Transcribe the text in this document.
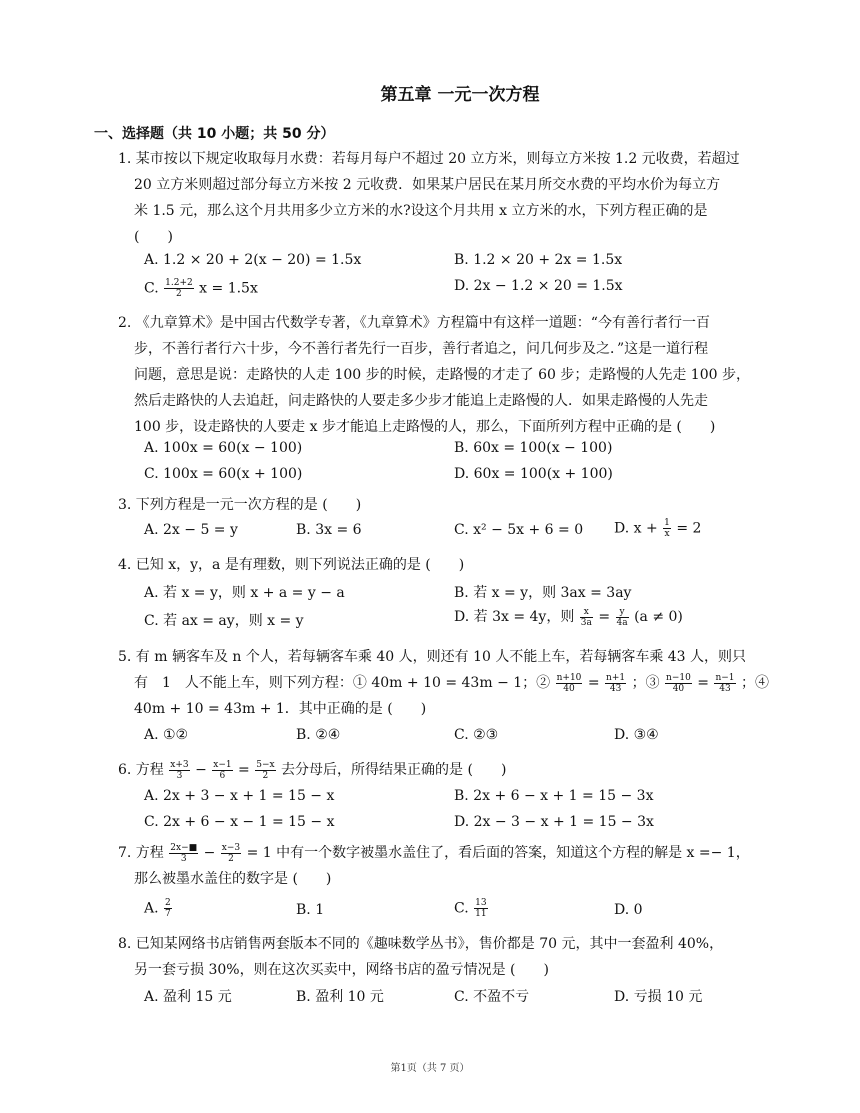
第五章 一元一次方程
一、选择题（共 10 小题；共 50 分）
1. 某市按以下规定收取每月水费：若每月每户不超过 20 立方米，则每立方米按 1.2 元收费，若超过
20 立方米则超过部分每立方米按 2 元收费．如果某户居民在某月所交水费的平均水价为每立方
米 1.5 元，那么这个月共用多少立方米的水?设这个月共用 x 立方米的水，下列方程正确的是
(　　)
A. 1.2 × 20 + 2(x − 20) = 1.5x	B. 1.2 × 20 + 2x = 1.5x
C. $\frac{1.2+2}{2}$ x = 1.5x	D. 2x − 1.2 × 20 = 1.5x
2. 《九章算术》是中国古代数学专著，《九章算术》方程篇中有这样一道题：“今有善行者行一百
步，不善行者行六十步，今不善行者先行一百步，善行者追之，问几何步及之．”这是一道行程
问题，意思是说：走路快的人走 100 步的时候，走路慢的才走了 60 步；走路慢的人先走 100 步，
然后走路快的人去追赶，问走路快的人要走多少步才能追上走路慢的人．如果走路慢的人先走
100 步，设走路快的人要走 x 步才能追上走路慢的人，那么，下面所列方程中正确的是 (　　)
A. 100x = 60(x − 100)	B. 60x = 100(x − 100)
C. 100x = 60(x + 100)	D. 60x = 100(x + 100)
3. 下列方程是一元一次方程的是 (　　)
A. 2x − 5 = y	B. 3x = 6	C. x² − 5x + 6 = 0 D. $x + \frac{1}{x} = 2$
4. 已知 x，y，a 是有理数，则下列说法正确的是 (　　)
A. 若 x = y，则 x + a = y − a	B. 若 x = y，则 3ax = 3ay
C. 若 ax = ay，则 x = y	D. 若 3x = 4y，则 $\frac{x}{3a} = \frac{y}{4a} (a \ne 0)$
5. 有 m 辆客车及 n 个人，若每辆客车乘 40 人，则还有 10 人不能上车，若每辆客车乘 43 人，则只
有　1　人不能上车，则下列方程：① 40m + 10 = 43m − 1；② $\frac{n+10}{40} = \frac{n+1}{43}$ ；③ $\frac{n-10}{40} = \frac{n-1}{43}$ ；④
40m + 10 = 43m + 1．其中正确的是 (　　)
A. ①②	B. ②④	C. ②③	D. ③④
6. 方程 $\frac{x+3}{3} - \frac{x-1}{6} = \frac{5-x}{2}$ 去分母后，所得结果正确的是 (　　)
A. 2x + 3 − x + 1 = 15 − x	B. 2x + 6 − x + 1 = 15 − 3x
C. 2x + 6 − x − 1 = 15 − x	D. 2x − 3 − x + 1 = 15 − 3x
7. 方程 $\frac{2x-■}{3} - \frac{x-3}{2} = 1$ 中有一个数字被墨水盖住了，看后面的答案，知道这个方程的解是 x =− 1，
那么被墨水盖住的数字是 (　　)
A. $\frac{2}{7}$	B. 1	C. $\frac{13}{11}$	D. 0
8. 已知某网络书店销售两套版本不同的《趣味数学丛书》，售价都是 70 元，其中一套盈利 40%，
另一套亏损 30%，则在这次买卖中，网络书店的盈亏情况是 (　　)
A. 盈利 15 元	B. 盈利 10 元	C. 不盈不亏	D. 亏损 10 元
第1页（共 7 页）
